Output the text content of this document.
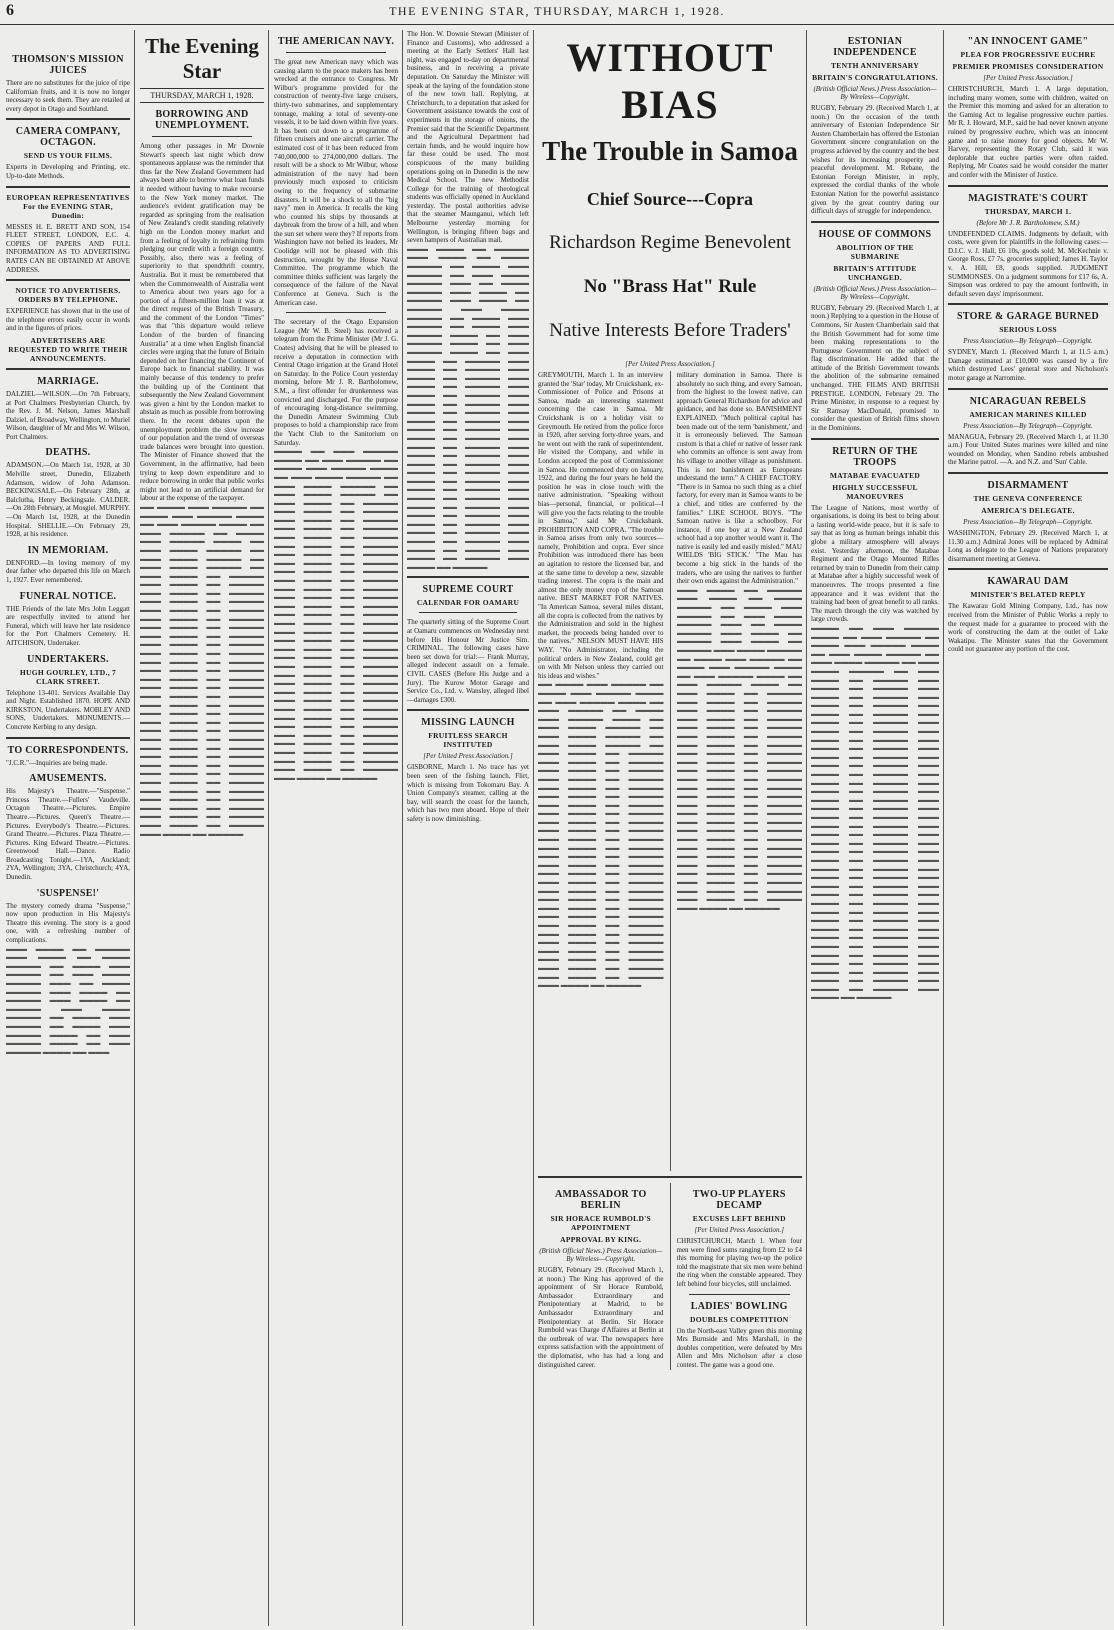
6	THE EVENING STAR, THURSDAY, MARCH 1, 1928.
THOMSON'S MISSION JUICES

There are no substitutes for the juice of ripe Californian fruits, and it is now no longer necessary to seek them. They are retailed at every depot in Otago and Southland.

CAMERA COMPANY, OCTAGON.
SEND US YOUR FILMS.

Experts in Developing and Printing, etc. Up-to-date Methods.

EUROPEAN REPRESENTATIVES For the EVENING STAR, Dunedin:

MESSES H. E. BRETT AND SON, 154 FLEET STREET, LONDON, E.C. 4. COPIES OF PAPERS AND FULL INFORMATION AS TO ADVERTISING RATES CAN BE OBTAINED AT ABOVE ADDRESS.

NOTICE TO ADVERTISERS. ORDERS BY TELEPHONE.

EXPERIENCE has shown that in the use of the telephone errors easily occur in words and in the figures of prices.

ADVERTISERS ARE REQUESTED TO WRITE THEIR ANNOUNCEMENTS.
MARRIAGE.

DALZIEL—WILSON.—On 7th February, at Port Chalmers Presbyterian Church, by the Rev. J. M. Nelson, James Marshall Dalziel, of Broadway, Wellington, to Muriel Wilson, daughter of Mr and Mrs W. Wilson, Port Chalmers.

DEATHS.

ADAMSON.—On March 1st, 1928, at 30 Melville street, Dunedin, Elizabeth Adamson, widow of John Adamson. BECKINGSALE.—On February 28th, at Balclutha, Henry Beckingsale. CALDER.—On 28th February, at Mosgiel. MURPHY.—On March 1st, 1928, at the Dunedin Hospital. SHELLIE.—On February 29, 1928, at his residence.

IN MEMORIAM.

DENFORD.—In loving memory of my dear father who departed this life on March 1, 1927. Ever remembered.

FUNERAL NOTICE.

THE Friends of the late Mrs John Leggatt are respectfully invited to attend her Funeral, which will leave her late residence for the Port Chalmers Cemetery. H. AITCHISON, Undertaker.

UNDERTAKERS.
HUGH GOURLEY, LTD., 7 CLARK STREET.

Telephone 13-401. Services Available Day and Night. Established 1870. HOPE AND KIRKSTON, Undertakers. MOBLEY AND SONS, Undertakers. MONUMENTS.—Concrete Kerbing to any design.

TO CORRESPONDENTS.

"J.C.R."—Inquiries are being made.

AMUSEMENTS.

His Majesty's Theatre.—"Suspense." Princess Theatre.—Fullers' Vaudeville. Octagon Theatre.—Pictures. Empire Theatre.—Pictures. Queen's Theatre.—Pictures. Everybody's Theatre.—Pictures. Grand Theatre.—Pictures. Plaza Theatre.—Pictures. King Edward Theatre.—Pictures. Greenwood Hall.—Dance. Radio Broadcasting Tonight.—1YA, Auckland; 2YA, Wellington; 3YA, Christchurch; 4YA, Dunedin.

'SUSPENSE!'

The mystery comedy drama "Suspense," now upon production in His Majesty's Theatre this evening. The story is a good one, with a refreshing number of complications.

▬▬▬ ▬▬▬▬ ▬▬ ▬▬▬▬▬ ▬▬▬ ▬▬▬▬ ▬▬ ▬▬▬▬ ▬▬▬▬▬ ▬▬ ▬▬▬▬ ▬▬▬ ▬▬▬▬▬ ▬▬ ▬▬▬ ▬▬▬▬ ▬▬▬▬▬ ▬▬▬ ▬▬ ▬▬▬▬ ▬▬▬▬▬ ▬▬▬ ▬▬▬▬ ▬▬ ▬▬▬▬▬ ▬▬▬ ▬▬▬▬ ▬▬ ▬▬▬▬▬ ▬▬▬ ▬▬▬▬ ▬▬▬▬▬ ▬▬ ▬▬▬▬ ▬▬▬ ▬▬▬▬▬ ▬▬ ▬▬▬▬ ▬▬▬ ▬▬▬▬▬ ▬▬▬▬ ▬▬ ▬▬▬ ▬▬▬▬▬ ▬▬▬▬ ▬▬ ▬▬▬ ▬▬▬▬▬ ▬▬▬▬ ▬▬ ▬▬▬

The Evening Star
THURSDAY, MARCH 1, 1928.
BORROWING AND UNEMPLOYMENT.

Among other passages in Mr Downie Stewart's speech last night which drew spontaneous applause was the reminder that thus far the New Zealand Government had always been able to borrow what loan funds it needed without having to make recourse to the New York money market. The audience's evident gratification may be regarded as springing from the realisation of New Zealand's credit standing relatively high on the London money market and from a feeling of loyalty in refraining from pledging our credit with a foreign country. Possibly, also, there was a feeling of superiority to that spendthrift country, Australia. But it must be remembered that when the Commonwealth of Australia went to America about two years ago for a portion of a fifteen-million loan it was at the direct request of the British Treasury, and the comment of the London "Times" was that "this departure would relieve London of the burden of financing Australia" at a time when English financial circles were urging that the future of Britain depended on her financing the Continent of Europe back to financial stability. It was mainly because of this tendency to prefer the building up of the Continent that subsequently the New Zealand Government was given a hint by the London market to abstain as much as possible from borrowing there. In the recent debates upon the unemployment problem the slow increase of our population and the trend of overseas trade balances were brought into question. The Minister of Finance showed that the Government, in the affirmative, had been trying to keep down expenditure and to reduce borrowing in order that public works might not lead to an artificial demand for labour at the expense of the taxpayer.

▬▬ ▬▬▬▬ ▬▬▬ ▬▬▬▬▬ ▬▬ ▬▬▬▬ ▬▬▬ ▬▬▬▬▬ ▬▬▬▬ ▬▬ ▬▬▬ ▬▬▬▬▬ ▬▬▬▬ ▬▬ ▬▬▬ ▬▬▬▬▬ ▬▬ ▬▬▬▬ ▬▬▬ ▬▬▬▬▬ ▬▬▬▬ ▬▬ ▬▬▬ ▬▬▬▬ ▬▬▬▬▬ ▬▬ ▬▬▬ ▬▬▬▬ ▬▬▬▬▬ ▬▬ ▬▬▬ ▬▬▬▬ ▬▬▬▬▬ ▬▬ ▬▬▬ ▬▬▬▬ ▬▬ ▬▬▬▬▬ ▬▬▬ ▬▬▬▬ ▬▬ ▬▬▬▬▬ ▬▬▬ ▬▬▬▬ ▬▬ ▬▬▬▬▬ ▬▬▬ ▬▬▬▬ ▬▬ ▬▬▬▬▬ ▬▬▬ ▬▬▬▬ ▬▬ ▬▬▬▬▬ ▬▬▬ ▬▬▬▬ ▬▬ ▬▬▬▬▬ ▬▬▬ ▬▬▬▬ ▬▬ ▬▬▬▬▬ ▬▬▬ ▬▬▬▬ ▬▬ ▬▬▬▬▬ ▬▬▬ ▬▬▬▬ ▬▬ ▬▬▬▬▬ ▬▬▬ ▬▬▬▬ ▬▬ ▬▬▬▬▬ ▬▬▬ ▬▬▬▬ ▬▬ ▬▬▬▬▬ ▬▬▬ ▬▬▬▬ ▬▬ ▬▬▬▬▬ ▬▬▬ ▬▬▬▬ ▬▬ ▬▬▬▬▬ ▬▬▬ ▬▬▬▬ ▬▬ ▬▬▬▬▬ ▬▬▬ ▬▬▬▬ ▬▬ ▬▬▬▬▬ ▬▬▬ ▬▬▬▬ ▬▬ ▬▬▬▬▬ ▬▬▬ ▬▬▬▬ ▬▬ ▬▬▬▬▬ ▬▬▬ ▬▬▬▬ ▬▬ ▬▬▬▬▬ ▬▬▬ ▬▬▬▬ ▬▬ ▬▬▬▬▬ ▬▬▬ ▬▬▬▬ ▬▬ ▬▬▬▬▬ ▬▬▬ ▬▬▬▬ ▬▬ ▬▬▬▬▬ ▬▬▬ ▬▬▬▬ ▬▬ ▬▬▬▬▬ ▬▬▬ ▬▬▬▬ ▬▬ ▬▬▬▬▬ ▬▬▬ ▬▬▬▬ ▬▬ ▬▬▬▬▬ ▬▬▬ ▬▬▬▬ ▬▬ ▬▬▬▬▬ ▬▬▬ ▬▬▬▬ ▬▬ ▬▬▬▬▬ ▬▬▬ ▬▬▬▬ ▬▬ ▬▬▬▬▬ ▬▬▬ ▬▬▬▬ ▬▬ ▬▬▬▬▬ ▬▬▬ ▬▬▬▬ ▬▬ ▬▬▬▬▬ ▬▬▬ ▬▬▬▬ ▬▬ ▬▬▬▬▬ ▬▬▬ ▬▬▬▬ ▬▬ ▬▬▬▬▬

THE AMERICAN NAVY.

The great new American navy which was causing alarm to the peace makers has been wrecked at the entrance to Congress. Mr Wilbur's programme provided for the construction of twenty-five large cruisers, thirty-two submarines, and supplementary tonnage, making a total of seventy-one vessels, it to be laid down within five years. It has been cut down to a programme of fifteen cruisers and one aircraft carrier. The estimated cost of it has been reduced from 740,000,000 to 274,000,000 dollars. The result will be a shock to Mr Wilbur, whose administration of the navy had been previously much exposed to criticism owing to the frequency of submarine disasters. It will be a shock to all the "big navy" men in America. It recalls the king who counted his ships by thousands at daybreak from the brow of a hill, and when the sun set where were they? If reports from Washington have not belied its leaders, Mr Coolidge will not be pleased with this destruction, wrought by the House Naval Committee. The programme which the committee thinks sufficient was largely the consequence of the failure of the Naval Conference at Geneva. Such is the American case.

The secretary of the Otago Expansion League (Mr W. B. Steel) has received a telegram from the Prime Minister (Mr J. G. Coates) advising that he will be pleased to receive a deputation in connection with Central Otago irrigation at the Grand Hotel on Saturday. In the Police Court yesterday morning, before Mr J. R. Bartholomew, S.M., a first offender for drunkenness was convicted and discharged. For the purpose of encouraging long-distance swimming, the Dunedin Amateur Swimming Club proposes to hold a championship race from the Yacht Club to the Sanitorium on Saturday.

▬▬▬▬ ▬▬ ▬▬▬ ▬▬▬▬▬ ▬▬▬▬ ▬▬ ▬▬▬ ▬▬▬▬▬ ▬▬ ▬▬▬▬ ▬▬▬ ▬▬▬▬▬ ▬▬▬▬ ▬▬ ▬▬▬ ▬▬▬▬ ▬▬▬▬▬ ▬▬ ▬▬▬ ▬▬▬▬ ▬▬▬▬▬ ▬▬ ▬▬▬ ▬▬▬▬ ▬▬▬▬▬ ▬▬ ▬▬▬ ▬▬▬▬ ▬▬ ▬▬▬▬▬ ▬▬▬ ▬▬▬▬ ▬▬ ▬▬▬▬▬ ▬▬▬ ▬▬▬▬ ▬▬ ▬▬▬▬▬ ▬▬▬ ▬▬▬▬ ▬▬ ▬▬▬▬▬ ▬▬▬ ▬▬▬▬ ▬▬ ▬▬▬▬▬ ▬▬▬ ▬▬▬▬ ▬▬ ▬▬▬▬▬ ▬▬▬ ▬▬▬▬ ▬▬ ▬▬▬▬▬ ▬▬▬ ▬▬▬▬ ▬▬ ▬▬▬▬▬ ▬▬▬ ▬▬▬▬ ▬▬ ▬▬▬▬▬ ▬▬▬ ▬▬▬▬ ▬▬ ▬▬▬▬▬ ▬▬▬ ▬▬▬▬ ▬▬ ▬▬▬▬▬ ▬▬▬ ▬▬▬▬ ▬▬ ▬▬▬▬▬ ▬▬▬ ▬▬▬▬ ▬▬ ▬▬▬▬▬ ▬▬▬ ▬▬▬▬ ▬▬ ▬▬▬▬▬ ▬▬▬ ▬▬▬▬ ▬▬ ▬▬▬▬▬ ▬▬▬ ▬▬▬▬ ▬▬ ▬▬▬▬▬ ▬▬▬ ▬▬▬▬ ▬▬ ▬▬▬▬▬ ▬▬▬ ▬▬▬▬ ▬▬ ▬▬▬▬▬ ▬▬▬ ▬▬▬▬ ▬▬ ▬▬▬▬▬ ▬▬▬ ▬▬▬▬ ▬▬ ▬▬▬▬▬ ▬▬▬ ▬▬▬▬ ▬▬ ▬▬▬▬▬ ▬▬▬ ▬▬▬▬ ▬▬ ▬▬▬▬▬ ▬▬▬ ▬▬▬▬ ▬▬ ▬▬▬▬▬ ▬▬▬ ▬▬▬▬ ▬▬ ▬▬▬▬▬ ▬▬▬ ▬▬▬▬ ▬▬ ▬▬▬▬▬ ▬▬▬ ▬▬▬▬ ▬▬ ▬▬▬▬▬ ▬▬▬ ▬▬▬▬ ▬▬ ▬▬▬▬▬ ▬▬▬ ▬▬▬▬ ▬▬ ▬▬▬▬▬ ▬▬▬ ▬▬▬▬ ▬▬ ▬▬▬▬▬ ▬▬▬ ▬▬▬▬ ▬▬ ▬▬▬▬▬ ▬▬▬ ▬▬▬▬ ▬▬ ▬▬▬▬▬ ▬▬▬ ▬▬▬▬ ▬▬ ▬▬▬▬▬ ▬▬▬ ▬▬▬▬ ▬▬ ▬▬▬▬▬

The Hon. W. Downie Stewart (Minister of Finance and Customs), who addressed a meeting at the Early Settlers' Hall last night, was engaged to-day on departmental business, and in receiving a private deputation. On Saturday the Minister will speak at the laying of the foundation stone of the new town hall. Replying, at Christchurch, to a deputation that asked for Government assistance towards the cost of experiments in the storage of onions, the Premier said that the Scientific Department and the Agricultural Department had certain funds, and he would inquire how far these could be used. The most conspicuous of the many building operations going on in Dunedin is the new Medical School. The new Methodist College for the training of theological students was officially opened in Auckland yesterday. The postal authorities advise that the steamer Maunganui, which left Melbourne yesterday morning for Wellington, is bringing fifteen bags and seven hampers of Australian mail.

▬▬▬ ▬▬▬▬ ▬▬ ▬▬▬▬▬ ▬▬▬ ▬▬▬▬ ▬▬ ▬▬▬▬ ▬▬▬▬▬ ▬▬ ▬▬▬▬ ▬▬▬ ▬▬▬▬▬ ▬▬ ▬▬▬ ▬▬▬▬ ▬▬▬▬▬ ▬▬▬ ▬▬ ▬▬▬▬ ▬▬▬▬▬ ▬▬▬ ▬▬▬▬ ▬▬ ▬▬▬▬▬ ▬▬▬ ▬▬▬▬ ▬▬ ▬▬▬▬▬ ▬▬▬ ▬▬▬▬ ▬▬▬▬▬ ▬▬ ▬▬▬▬ ▬▬▬ ▬▬▬▬▬ ▬▬ ▬▬▬▬ ▬▬▬ ▬▬▬▬▬ ▬▬▬▬ ▬▬ ▬▬▬ ▬▬▬▬▬ ▬▬▬▬ ▬▬ ▬▬▬ ▬▬▬▬▬ ▬▬▬▬ ▬▬ ▬▬▬ ▬▬▬▬ ▬▬ ▬▬▬▬▬ ▬▬▬ ▬▬▬▬ ▬▬ ▬▬▬▬▬ ▬▬▬ ▬▬▬▬ ▬▬ ▬▬▬▬▬ ▬▬▬ ▬▬▬▬ ▬▬ ▬▬▬▬▬ ▬▬▬ ▬▬▬▬ ▬▬ ▬▬▬▬▬ ▬▬▬ ▬▬▬▬ ▬▬ ▬▬▬▬▬ ▬▬▬ ▬▬▬▬ ▬▬ ▬▬▬▬▬ ▬▬▬ ▬▬▬▬ ▬▬ ▬▬▬▬▬ ▬▬▬ ▬▬▬▬ ▬▬ ▬▬▬▬▬ ▬▬▬ ▬▬▬▬ ▬▬ ▬▬▬▬▬ ▬▬▬ ▬▬▬▬ ▬▬ ▬▬▬▬▬ ▬▬▬ ▬▬▬▬ ▬▬ ▬▬▬▬▬ ▬▬▬ ▬▬▬▬ ▬▬ ▬▬▬▬▬ ▬▬▬ ▬▬▬▬ ▬▬ ▬▬▬▬▬ ▬▬▬ ▬▬▬▬ ▬▬ ▬▬▬▬▬ ▬▬▬ ▬▬▬▬ ▬▬ ▬▬▬▬▬ ▬▬▬ ▬▬▬▬ ▬▬ ▬▬▬▬▬ ▬▬▬ ▬▬▬▬ ▬▬ ▬▬▬▬▬ ▬▬▬ ▬▬▬▬ ▬▬ ▬▬▬▬▬ ▬▬▬ ▬▬▬▬ ▬▬ ▬▬▬▬▬ ▬▬▬ ▬▬▬▬ ▬▬ ▬▬▬▬▬ ▬▬▬ ▬▬▬▬ ▬▬ ▬▬▬▬▬ ▬▬▬ ▬▬▬▬ ▬▬ ▬▬▬▬▬ ▬▬▬ ▬▬▬▬ ▬▬ ▬▬▬▬▬ ▬▬▬ ▬▬▬▬ ▬▬ ▬▬▬▬▬

SUPREME COURT
CALENDAR FOR OAMARU

The quarterly sitting of the Supreme Court at Oamaru commences on Wednesday next before His Honour Mr Justice Sim. CRIMINAL. The following cases have been set down for trial:— Frank Murray, alleged indecent assault on a female. CIVIL CASES (Before His Judge and a Jury). The Kurow Motor Garage and Service Co., Ltd. v. Wansley, alleged libel—damages £300.

MISSING LAUNCH
FRUITLESS SEARCH INSTITUTED
[Per United Press Association.]

GISBORNE, March 1. No trace has yet been seen of the fishing launch, Flirt, which is missing from Tokomaru Bay. A Union Company's steamer, calling at the bay, will search the coast for the launch, which has two men aboard. Hope of their safety is now diminishing.

WITHOUT BIAS
The Trouble in Samoa
Chief Source---Copra
Richardson Regime Benevolent
No "Brass Hat" Rule
Native Interests Before Traders'
[Per United Press Association.]

GREYMOUTH, March 1. In an interview granted the 'Star' today, Mr Cruickshank, ex-Commissioner of Police and Prisons at Samoa, made an interesting statement concerning the case in Samoa. Mr Cruickshank is on a holiday visit to Greymouth. He retired from the police force in 1920, after serving forty-three years, and he went out with the rank of superintendent. He visited the Company, and while in London accepted the post of Commissioner in Samoa. He commenced duty on January, 1922, and during the four years he held the position he was in close touch with the native administration. "Speaking without bias—personal, financial, or political—I will give you the facts relating to the trouble in Samoa," said Mr Cruickshank. PROHIBITION AND COPRA. "The trouble in Samoa arises from only two sources—namely, Prohibition and copra. Ever since Prohibition was introduced there has been an agitation to restore the licensed bar, and at the same time to develop a new, sizeable trading interest. The copra is the main and almost the only money crop of the Samoan native. BEST MARKET FOR NATIVES. "In American Samoa, several miles distant, all the copra is collected from the natives by the Administration and sold in the highest market, the proceeds being handed over to the natives." NELSON MUST HAVE HIS WAY. "No Administrator, including the political orders in New Zealand, could get on with Mr Nelson unless they carried out his ideas and wishes."

▬▬ ▬▬▬▬ ▬▬▬ ▬▬▬▬▬ ▬▬ ▬▬▬▬ ▬▬▬ ▬▬▬▬▬ ▬▬▬▬ ▬▬ ▬▬▬ ▬▬▬▬▬ ▬▬▬▬ ▬▬ ▬▬▬ ▬▬▬▬▬ ▬▬ ▬▬▬▬ ▬▬▬ ▬▬▬▬▬ ▬▬▬▬ ▬▬ ▬▬▬ ▬▬▬▬ ▬▬▬▬▬ ▬▬ ▬▬▬ ▬▬▬▬ ▬▬▬▬▬ ▬▬ ▬▬▬ ▬▬▬▬ ▬▬▬▬▬ ▬▬ ▬▬▬ ▬▬▬▬ ▬▬ ▬▬▬▬▬ ▬▬▬ ▬▬▬▬ ▬▬ ▬▬▬▬▬ ▬▬▬ ▬▬▬▬ ▬▬ ▬▬▬▬▬ ▬▬▬ ▬▬▬▬ ▬▬ ▬▬▬▬▬ ▬▬▬ ▬▬▬▬ ▬▬ ▬▬▬▬▬ ▬▬▬ ▬▬▬▬ ▬▬ ▬▬▬▬▬ ▬▬▬ ▬▬▬▬ ▬▬ ▬▬▬▬▬ ▬▬▬ ▬▬▬▬ ▬▬ ▬▬▬▬▬ ▬▬▬ ▬▬▬▬ ▬▬ ▬▬▬▬▬ ▬▬▬ ▬▬▬▬ ▬▬ ▬▬▬▬▬ ▬▬▬ ▬▬▬▬ ▬▬ ▬▬▬▬▬ ▬▬▬ ▬▬▬▬ ▬▬ ▬▬▬▬▬ ▬▬▬ ▬▬▬▬ ▬▬ ▬▬▬▬▬ ▬▬▬ ▬▬▬▬ ▬▬ ▬▬▬▬▬ ▬▬▬ ▬▬▬▬ ▬▬ ▬▬▬▬▬ ▬▬▬ ▬▬▬▬ ▬▬ ▬▬▬▬▬ ▬▬▬ ▬▬▬▬ ▬▬ ▬▬▬▬▬ ▬▬▬ ▬▬▬▬ ▬▬ ▬▬▬▬▬ ▬▬▬ ▬▬▬▬ ▬▬ ▬▬▬▬▬ ▬▬▬ ▬▬▬▬ ▬▬ ▬▬▬▬▬ ▬▬▬ ▬▬▬▬ ▬▬ ▬▬▬▬▬ ▬▬▬ ▬▬▬▬ ▬▬ ▬▬▬▬▬ ▬▬▬ ▬▬▬▬ ▬▬ ▬▬▬▬▬ ▬▬▬ ▬▬▬▬ ▬▬ ▬▬▬▬▬ ▬▬▬ ▬▬▬▬ ▬▬ ▬▬▬▬▬ ▬▬▬ ▬▬▬▬ ▬▬ ▬▬▬▬▬ ▬▬▬ ▬▬▬▬ ▬▬ ▬▬▬▬▬ ▬▬▬ ▬▬▬▬ ▬▬ ▬▬▬▬▬

military domination in Samoa. There is absolutely no such thing, and every Samoan, from the highest to the lowest native, can approach General Richardson for advice and guidance, and has done so. BANISHMENT EXPLAINED. "Much political capital has been made out of the term 'banishment,' and it is erroneously believed. The Samoan custom is that a chief or native of lesser rank who commits an offence is sent away from his village to another village as punishment. This is not banishment as Europeans understand the term." A CHIEF FACTORY. "There is in Samoa no such thing as a chief factory, for every man in Samoa wants to be a chief, and titles are conferred by the families." LIKE SCHOOL BOYS. "The Samoan native is like a schoolboy. For instance, if one boy at a New Zealand school had a top another would want it. The native is easily led and easily misled." MAU WIELDS 'BIG STICK.' "The Mau has become a big stick in the hands of the traders, who are using the natives to further their own ends against the Administration."

▬▬▬ ▬▬▬▬ ▬▬ ▬▬▬▬▬ ▬▬▬ ▬▬▬▬ ▬▬ ▬▬▬▬ ▬▬▬▬▬ ▬▬ ▬▬▬▬ ▬▬▬ ▬▬▬▬▬ ▬▬ ▬▬▬ ▬▬▬▬ ▬▬▬▬▬ ▬▬▬ ▬▬ ▬▬▬▬ ▬▬▬▬▬ ▬▬▬ ▬▬▬▬ ▬▬ ▬▬▬▬▬ ▬▬▬ ▬▬▬▬ ▬▬ ▬▬▬▬▬ ▬▬▬ ▬▬▬▬ ▬▬▬▬▬ ▬▬ ▬▬▬▬ ▬▬▬ ▬▬▬▬▬ ▬▬ ▬▬▬▬ ▬▬▬ ▬▬▬▬▬ ▬▬▬▬ ▬▬ ▬▬▬ ▬▬▬▬▬ ▬▬▬▬ ▬▬ ▬▬▬ ▬▬▬▬▬ ▬▬▬▬ ▬▬ ▬▬▬ ▬▬▬▬ ▬▬ ▬▬▬▬▬ ▬▬▬ ▬▬▬▬ ▬▬ ▬▬▬▬▬ ▬▬▬ ▬▬▬▬ ▬▬ ▬▬▬▬▬ ▬▬▬ ▬▬▬▬ ▬▬ ▬▬▬▬▬ ▬▬▬ ▬▬▬▬ ▬▬ ▬▬▬▬▬ ▬▬▬ ▬▬▬▬ ▬▬ ▬▬▬▬▬ ▬▬▬ ▬▬▬▬ ▬▬ ▬▬▬▬▬ ▬▬▬ ▬▬▬▬ ▬▬ ▬▬▬▬▬ ▬▬▬ ▬▬▬▬ ▬▬ ▬▬▬▬▬ ▬▬▬ ▬▬▬▬ ▬▬ ▬▬▬▬▬ ▬▬▬ ▬▬▬▬ ▬▬ ▬▬▬▬▬ ▬▬▬ ▬▬▬▬ ▬▬ ▬▬▬▬▬ ▬▬▬ ▬▬▬▬ ▬▬ ▬▬▬▬▬ ▬▬▬ ▬▬▬▬ ▬▬ ▬▬▬▬▬ ▬▬▬ ▬▬▬▬ ▬▬ ▬▬▬▬▬ ▬▬▬ ▬▬▬▬ ▬▬ ▬▬▬▬▬ ▬▬▬ ▬▬▬▬ ▬▬ ▬▬▬▬▬ ▬▬▬ ▬▬▬▬ ▬▬ ▬▬▬▬▬ ▬▬▬ ▬▬▬▬ ▬▬ ▬▬▬▬▬ ▬▬▬ ▬▬▬▬ ▬▬ ▬▬▬▬▬ ▬▬▬ ▬▬▬▬ ▬▬ ▬▬▬▬▬ ▬▬▬ ▬▬▬▬ ▬▬ ▬▬▬▬▬ ▬▬▬ ▬▬▬▬ ▬▬ ▬▬▬▬▬ ▬▬▬ ▬▬▬▬ ▬▬ ▬▬▬▬▬ ▬▬▬ ▬▬▬▬ ▬▬ ▬▬▬▬▬ ▬▬▬ ▬▬▬▬ ▬▬ ▬▬▬▬▬

AMBASSADOR TO BERLIN
SIR HORACE RUMBOLD'S APPOINTMENT
APPROVAL BY KING.
(British Official News.) Press Association—By Wireless—Copyright.

RUGBY, February 29. (Received March 1, at noon.) The King has approved of the appointment of Sir Horace Rumbold, Ambassador Extraordinary and Plenipotentiary at Madrid, to be Ambassador Extraordinary and Plenipotentiary at Berlin. Sir Horace Rumbold was Charge d'Affaires at Berlin at the outbreak of war. The newspapers here express satisfaction with the appointment of the diplomatist, who has had a long and distinguished career.

TWO-UP PLAYERS DECAMP
EXCUSES LEFT BEHIND
[Per United Press Association.]

CHRISTCHURCH, March 1. When four men were fined sums ranging from £2 to £4 this morning for playing two-up the police told the magistrate that six men were behind the ring when the constable appeared. They left behind four bicycles, still unclaimed.

LADIES' BOWLING
DOUBLES COMPETITION

On the North-east Valley green this morning Mrs Burnside and Mrs Marshall, in the doubles competition, were defeated by Mrs Allen and Mrs Nicholson after a close contest. The game was a good one.

ESTONIAN INDEPENDENCE
TENTH ANNIVERSARY
BRITAIN'S CONGRATULATIONS.
(British Official News.) Press Association—By Wireless—Copyright.

RUGBY, February 29. (Received March 1, at noon.) On the occasion of the tenth anniversary of Estonian Independence Sir Austen Chamberlain has offered the Estonian Government sincere congratulation on the progress achieved by the country and the best wishes for its increasing prosperity and peaceful development. M. Rebane, the Estonian Foreign Minister, in reply, expressed the cordial thanks of the whole Estonian Nation for the powerful assistance given by the great country during our difficult days of struggle for independence.

HOUSE OF COMMONS
ABOLITION OF THE SUBMARINE
BRITAIN'S ATTITUDE UNCHANGED.
(British Official News.) Press Association—By Wireless—Copyright.

RUGBY, February 29. (Received March 1, at noon.) Replying to a question in the House of Commons, Sir Austen Chamberlain said that the British Government had for some time been making representations to the Portuguese Government on the subject of flag discrimination. He added that the attitude of the British Government towards the abolition of the submarine remained unchanged. THE FILMS AND BRITISH PRESTIGE. LONDON, February 29. The Prime Minister, in response to a request by Sir Ramsay MacDonald, promised to consider the question of British films shown in the Dominions.

RETURN OF THE TROOPS
MATABAE EVACUATED
HIGHLY SUCCESSFUL MANOEUVRES

The League of Nations, most worthy of organisations, is doing its best to bring about a lasting world-wide peace, but it is safe to say that as long as human beings inhabit this globe a military atmosphere will always exist. Yesterday afternoon, the Matabae Regiment and the Otago Mounted Rifles returned by train to Dunedin from their camp at Matabae after a highly successful week of manoeuvres. The troops presented a fine appearance and it was evident that the training had been of great benefit to all ranks. The march through the city was watched by large crowds.

▬▬▬▬ ▬▬ ▬▬▬ ▬▬▬▬▬ ▬▬▬▬ ▬▬ ▬▬▬ ▬▬▬▬▬ ▬▬ ▬▬▬▬ ▬▬▬ ▬▬▬▬▬ ▬▬▬▬ ▬▬ ▬▬▬ ▬▬▬▬ ▬▬▬▬▬ ▬▬ ▬▬▬ ▬▬▬▬ ▬▬▬▬▬ ▬▬ ▬▬▬ ▬▬▬▬ ▬▬▬▬▬ ▬▬ ▬▬▬ ▬▬▬▬ ▬▬ ▬▬▬▬▬ ▬▬▬ ▬▬▬▬ ▬▬ ▬▬▬▬▬ ▬▬▬ ▬▬▬▬ ▬▬ ▬▬▬▬▬ ▬▬▬ ▬▬▬▬ ▬▬ ▬▬▬▬▬ ▬▬▬ ▬▬▬▬ ▬▬ ▬▬▬▬▬ ▬▬▬ ▬▬▬▬ ▬▬ ▬▬▬▬▬ ▬▬▬ ▬▬▬▬ ▬▬ ▬▬▬▬▬ ▬▬▬ ▬▬▬▬ ▬▬ ▬▬▬▬▬ ▬▬▬ ▬▬▬▬ ▬▬ ▬▬▬▬▬ ▬▬▬ ▬▬▬▬ ▬▬ ▬▬▬▬▬ ▬▬▬ ▬▬▬▬ ▬▬ ▬▬▬▬▬ ▬▬▬ ▬▬▬▬ ▬▬ ▬▬▬▬▬ ▬▬▬ ▬▬▬▬ ▬▬ ▬▬▬▬▬ ▬▬▬ ▬▬▬▬ ▬▬ ▬▬▬▬▬ ▬▬▬ ▬▬▬▬ ▬▬ ▬▬▬▬▬ ▬▬▬ ▬▬▬▬ ▬▬ ▬▬▬▬▬ ▬▬▬ ▬▬▬▬ ▬▬ ▬▬▬▬▬ ▬▬▬ ▬▬▬▬ ▬▬ ▬▬▬▬▬ ▬▬▬ ▬▬▬▬ ▬▬ ▬▬▬▬▬ ▬▬▬ ▬▬▬▬ ▬▬ ▬▬▬▬▬ ▬▬▬ ▬▬▬▬ ▬▬ ▬▬▬▬▬ ▬▬▬ ▬▬▬▬ ▬▬ ▬▬▬▬▬ ▬▬▬ ▬▬▬▬ ▬▬ ▬▬▬▬▬ ▬▬▬ ▬▬▬▬ ▬▬ ▬▬▬▬▬ ▬▬▬ ▬▬▬▬ ▬▬ ▬▬▬▬▬ ▬▬▬ ▬▬▬▬ ▬▬ ▬▬▬▬▬ ▬▬▬ ▬▬▬▬ ▬▬ ▬▬▬▬▬ ▬▬▬ ▬▬▬▬ ▬▬ ▬▬▬▬▬ ▬▬▬ ▬▬▬▬ ▬▬ ▬▬▬▬▬ ▬▬▬ ▬▬▬▬ ▬▬ ▬▬▬▬▬ ▬▬▬ ▬▬▬▬ ▬▬ ▬▬▬▬▬ ▬▬▬ ▬▬▬▬ ▬▬ ▬▬▬▬▬ ▬▬▬ ▬▬▬▬ ▬▬ ▬▬▬▬▬ ▬▬▬ ▬▬▬▬ ▬▬ ▬▬▬▬▬ ▬▬▬ ▬▬▬▬ ▬▬ ▬▬▬▬▬ ▬▬▬ ▬▬▬▬ ▬▬ ▬▬▬▬▬ ▬▬▬ ▬▬▬▬ ▬▬ ▬▬▬▬▬ ▬▬▬ ▬▬▬▬ ▬▬ ▬▬▬▬▬

"AN INNOCENT GAME"
PLEA FOR PROGRESSIVE EUCHRE
PREMIER PROMISES CONSIDERATION
[Per United Press Association.]

CHRISTCHURCH, March 1. A large deputation, including many women, some with children, waited on the Premier this morning and asked for an alteration to the Gaming Act to legalise progressive euchre parties. Mr R. J. Howard, M.P., said he had never known anyone ruined by progressive euchre, which was an innocent game and to raise money for good objects. Mr W. Harvey, representing the Rotary Club, said it was deplorable that euchre parties were often raided. Replying, Mr Coates said he would consider the matter and confer with the Minister of Justice.

MAGISTRATE'S COURT
THURSDAY, MARCH 1.
(Before Mr J. R. Bartholomew, S.M.)

UNDEFENDED CLAIMS. Judgments by default, with costs, were given for plaintiffs in the following cases:— D.I.C. v. J. Hall, £6 10s, goods sold; M. McKechnie v. George Ross, £7 7s, groceries supplied; James H. Taylor v. A. Hill, £8, goods supplied. JUDGMENT SUMMONSES. On a judgment summons for £17 6s, A. Simpson was ordered to pay the amount forthwith, in default seven days' imprisonment.

STORE & GARAGE BURNED
SERIOUS LOSS
Press Association—By Telegraph—Copyright.

SYDNEY, March 1. (Received March 1, at 11.5 a.m.) Damage estimated at £10,000 was caused by a fire which destroyed Lees' general store and Nicholson's motor garage at Narromine.

NICARAGUAN REBELS
AMERICAN MARINES KILLED
Press Association—By Telegraph—Copyright.

MANAGUA, February 29. (Received March 1, at 11.30 a.m.) Four United States marines were killed and nine wounded on Monday, when Sandino rebels ambushed the Marine patrol. —A. and N.Z. and 'Sun' Cable.

DISARMAMENT
THE GENEVA CONFERENCE
AMERICA'S DELEGATE.
Press Association—By Telegraph—Copyright.

WASHINGTON, February 29. (Received March 1, at 11.30 a.m.) Admiral Jones will be replaced by Admiral Long as delegate to the League of Nations preparatory disarmament meeting at Geneva.

KAWARAU DAM
MINISTER'S BELATED REPLY

The Kawarau Gold Mining Company, Ltd., has now received from the Minister of Public Works a reply to the request made for a guarantee to proceed with the work of constructing the dam at the outlet of Lake Wakatipu. The Minister states that the Government could not guarantee any portion of the cost.
